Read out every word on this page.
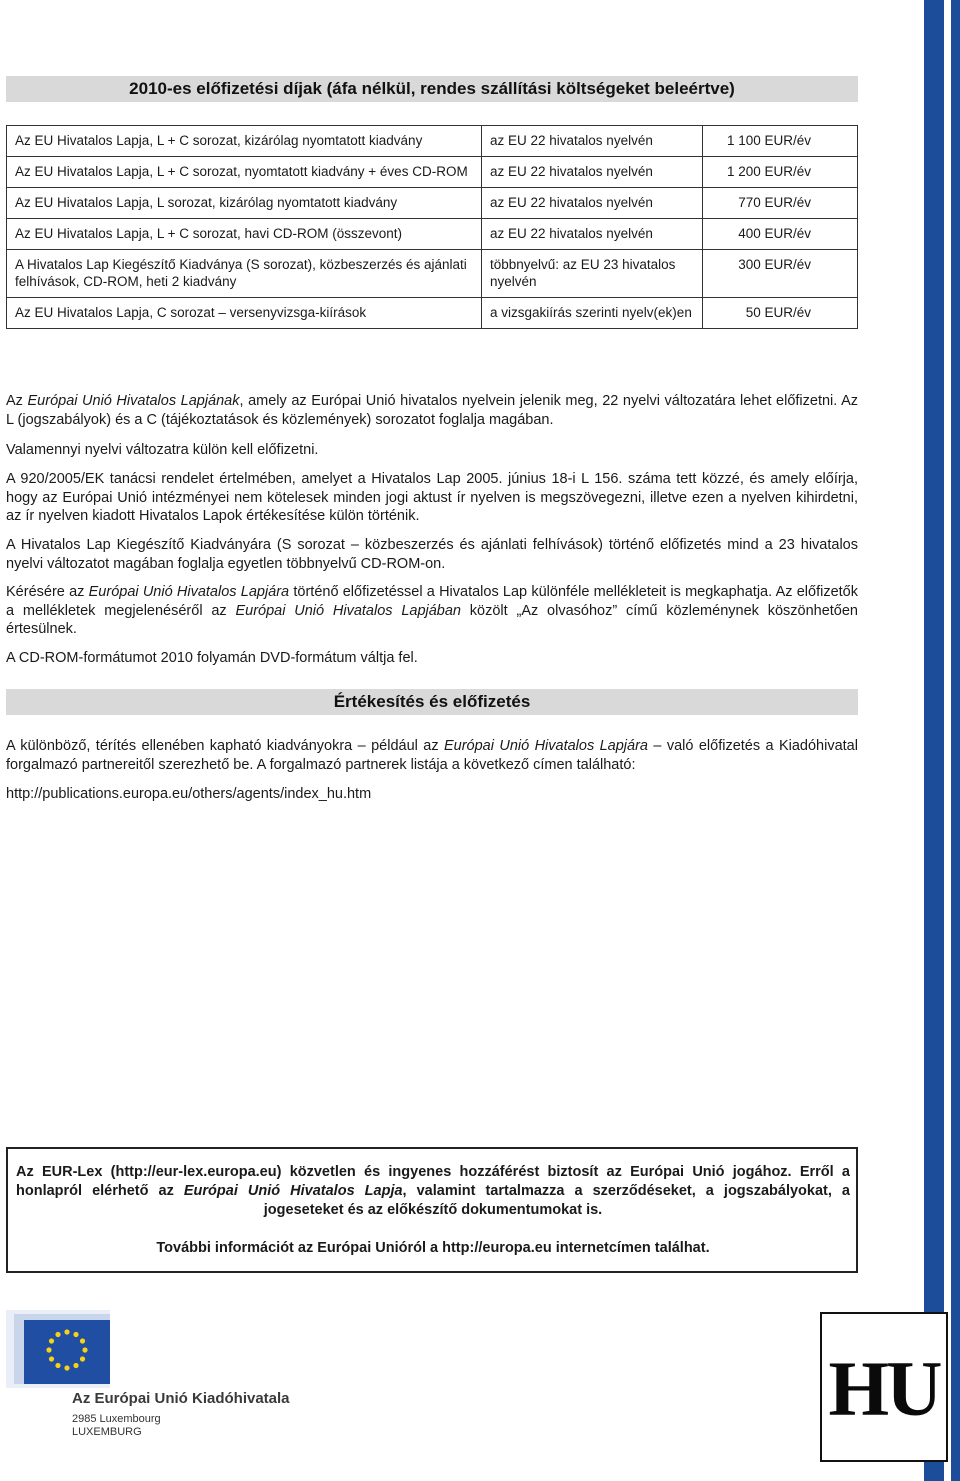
2010-es előfizetési díjak (áfa nélkül, rendes szállítási költségeket beleértve)
Az EU Hivatalos Lapja, L + C sorozat, kizárólag nyomtatott kiadvány	az EU 22 hivatalos nyelvén	1 100 EUR/év
Az EU Hivatalos Lapja, L + C sorozat, nyomtatott kiadvány + éves CD-ROM	az EU 22 hivatalos nyelvén	1 200 EUR/év
Az EU Hivatalos Lapja, L sorozat, kizárólag nyomtatott kiadvány	az EU 22 hivatalos nyelvén	770 EUR/év
Az EU Hivatalos Lapja, L + C sorozat, havi CD-ROM (összevont)	az EU 22 hivatalos nyelvén	400 EUR/év
A Hivatalos Lap Kiegészítő Kiadványa (S sorozat), közbeszerzés és ajánlati felhívások, CD-ROM, heti 2 kiadvány	többnyelvű: az EU 23 hivatalos nyelvén	300 EUR/év
Az EU Hivatalos Lapja, C sorozat – versenyvizsga-kiírások	a vizsgakiírás szerinti nyelv(ek)en	50 EUR/év

Az Európai Unió Hivatalos Lapjának, amely az Európai Unió hivatalos nyelvein jelenik meg, 22 nyelvi változatára lehet előfizetni. Az L (jogszabályok) és a C (tájékoztatások és közlemények) sorozatot foglalja magában.

Valamennyi nyelvi változatra külön kell előfizetni.

A 920/2005/EK tanácsi rendelet értelmében, amelyet a Hivatalos Lap 2005. június 18-i L 156. száma tett közzé, és amely előírja, hogy az Európai Unió intézményei nem kötelesek minden jogi aktust ír nyelven is megszövegezni, illetve ezen a nyelven kihirdetni, az ír nyelven kiadott Hivatalos Lapok értékesítése külön történik.

A Hivatalos Lap Kiegészítő Kiadványára (S sorozat – közbeszerzés és ajánlati felhívások) történő előfizetés mind a 23 hivatalos nyelvi változatot magában foglalja egyetlen többnyelvű CD-ROM-on.

Kérésére az Európai Unió Hivatalos Lapjára történő előfizetéssel a Hivatalos Lap különféle mellékleteit is megkaphatja. Az előfizetők a mellékletek megjelenéséről az Európai Unió Hivatalos Lapjában közölt „Az olvasóhoz” című közleménynek köszönhetően értesülnek.

A CD-ROM-formátumot 2010 folyamán DVD-formátum váltja fel.

Értékesítés és előfizetés

A különböző, térítés ellenében kapható kiadványokra – például az Európai Unió Hivatalos Lapjára – való előfizetés a Kiadóhivatal forgalmazó partnereitől szerezhető be. A forgalmazó partnerek listája a következő címen található:

http://publications.europa.eu/others/agents/index_hu.htm

Az EUR-Lex (http://eur-lex.europa.eu) közvetlen és ingyenes hozzáférést biztosít az Európai Unió jogához. Erről a honlapról elérhető az Európai Unió Hivatalos Lapja, valamint tartalmazza a szerződéseket, a jogszabályokat, a jogeseteket és az előkészítő dokumentumokat is.

További információt az Európai Unióról a http://europa.eu internetcímen találhat.

Az Európai Unió Kiadóhivatala
2985 Luxembourg
LUXEMBURG	HU
